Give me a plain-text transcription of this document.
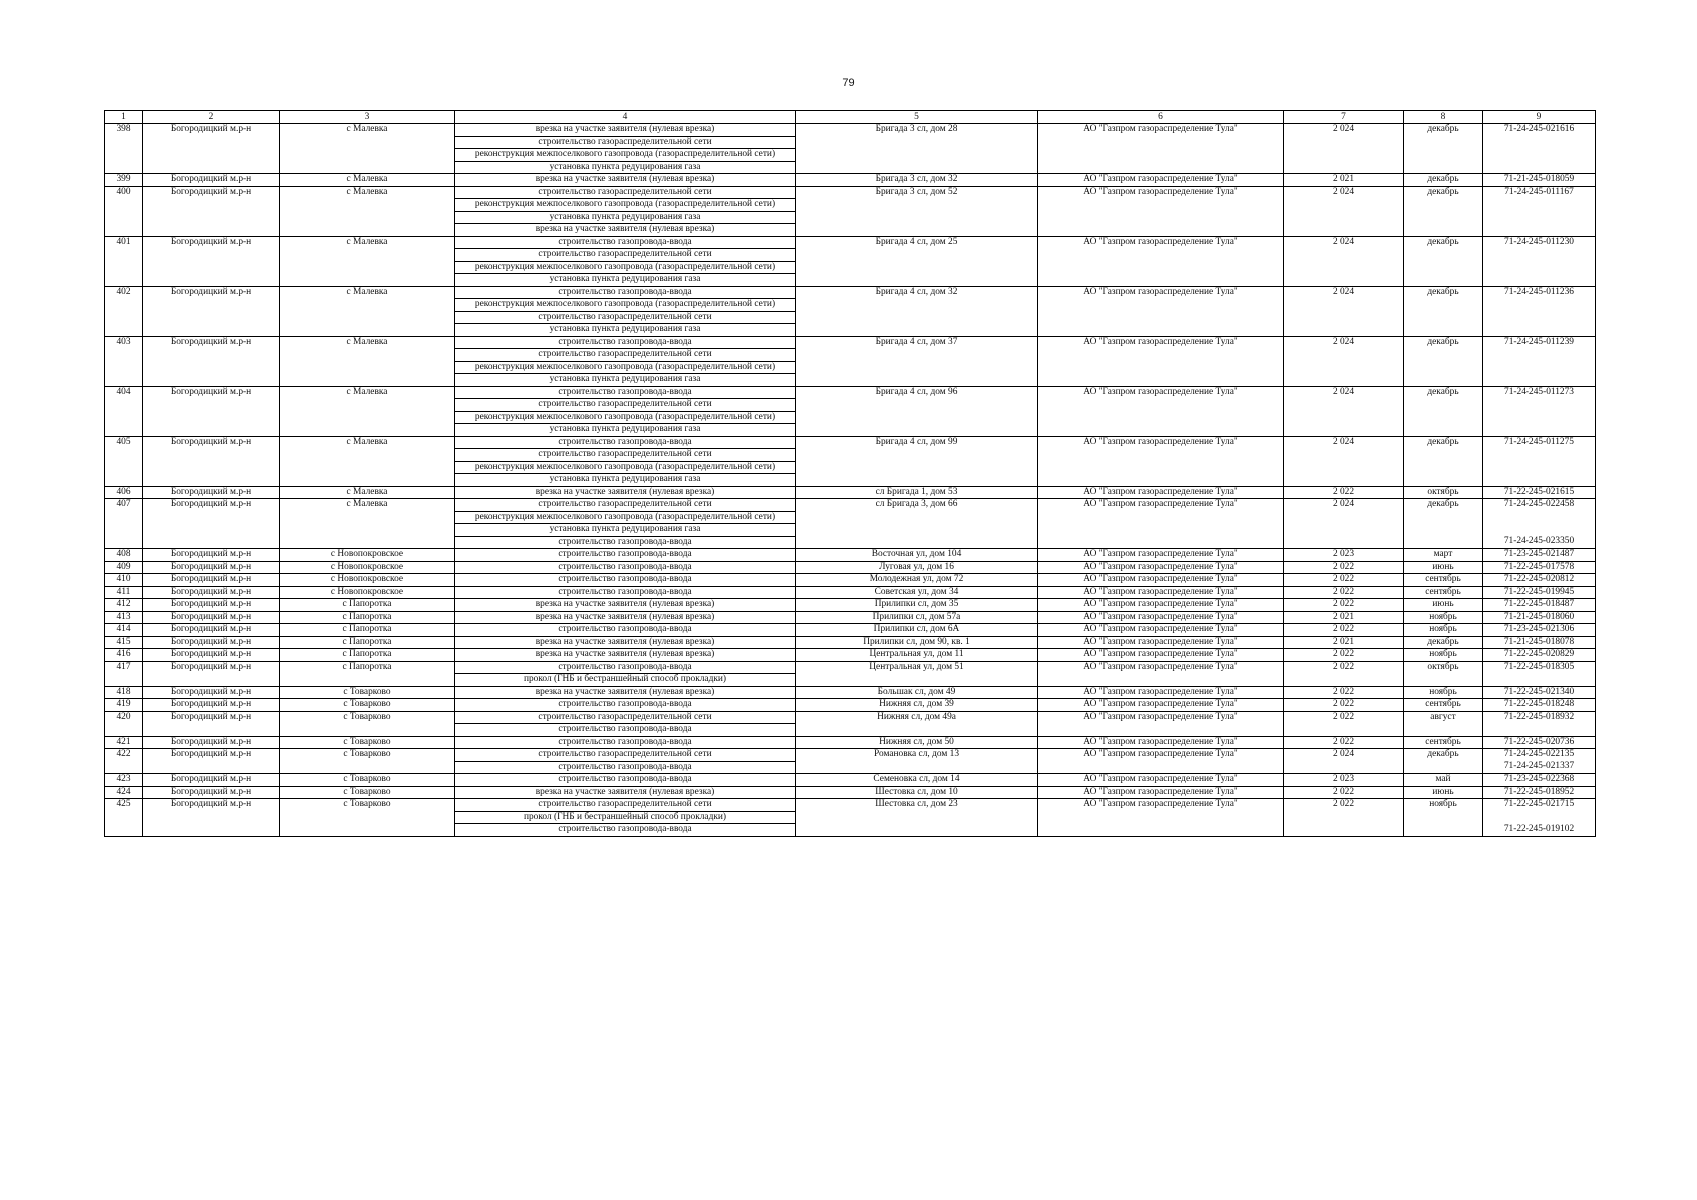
79
1	2	3	4	5	6	7	8	9
398	Богородицкий м.р-н	с Малевка	врезка на участке заявителя (нулевая врезка)	Бригада 3 сл, дом 28	АО "Газпром газораспределение Тула"	2 024	декабрь	71-24-245-021616
			строительство газораспределительной сети					
			реконструкция межпоселкового газопровода (газораспределительной сети)					
			установка пункта редуцирования газа					
399	Богородицкий м.р-н	с Малевка	врезка на участке заявителя (нулевая врезка)	Бригада 3 сл, дом 32	АО "Газпром газораспределение Тула"	2 021	декабрь	71-21-245-018059
400	Богородицкий м.р-н	с Малевка	строительство газораспределительной сети	Бригада 3 сл, дом 52	АО "Газпром газораспределение Тула"	2 024	декабрь	71-24-245-011167
			реконструкция межпоселкового газопровода (газораспределительной сети)					
			установка пункта редуцирования газа					
			врезка на участке заявителя (нулевая врезка)					
401	Богородицкий м.р-н	с Малевка	строительство газопровода-ввода	Бригада 4 сл, дом 25	АО "Газпром газораспределение Тула"	2 024	декабрь	71-24-245-011230
			строительство газораспределительной сети					
			реконструкция межпоселкового газопровода (газораспределительной сети)					
			установка пункта редуцирования газа					
402	Богородицкий м.р-н	с Малевка	строительство газопровода-ввода	Бригада 4 сл, дом 32	АО "Газпром газораспределение Тула"	2 024	декабрь	71-24-245-011236
			реконструкция межпоселкового газопровода (газораспределительной сети)					
			строительство газораспределительной сети					
			установка пункта редуцирования газа					
403	Богородицкий м.р-н	с Малевка	строительство газопровода-ввода	Бригада 4 сл, дом 37	АО "Газпром газораспределение Тула"	2 024	декабрь	71-24-245-011239
			строительство газораспределительной сети					
			реконструкция межпоселкового газопровода (газораспределительной сети)					
			установка пункта редуцирования газа					
404	Богородицкий м.р-н	с Малевка	строительство газопровода-ввода	Бригада 4 сл, дом 96	АО "Газпром газораспределение Тула"	2 024	декабрь	71-24-245-011273
			строительство газораспределительной сети					
			реконструкция межпоселкового газопровода (газораспределительной сети)					
			установка пункта редуцирования газа					
405	Богородицкий м.р-н	с Малевка	строительство газопровода-ввода	Бригада 4 сл, дом 99	АО "Газпром газораспределение Тула"	2 024	декабрь	71-24-245-011275
			строительство газораспределительной сети					
			реконструкция межпоселкового газопровода (газораспределительной сети)					
			установка пункта редуцирования газа					
406	Богородицкий м.р-н	с Малевка	врезка на участке заявителя (нулевая врезка)	сл Бригада 1, дом 53	АО "Газпром газораспределение Тула"	2 022	октябрь	71-22-245-021615
407	Богородицкий м.р-н	с Малевка	строительство газораспределительной сети	сл Бригада 3, дом 66	АО "Газпром газораспределение Тула"	2 024	декабрь	71-24-245-022458
			реконструкция межпоселкового газопровода (газораспределительной сети)					
			установка пункта редуцирования газа					
			строительство газопровода-ввода					71-24-245-023350
408	Богородицкий м.р-н	с Новопокровское	строительство газопровода-ввода	Восточная ул, дом 104	АО "Газпром газораспределение Тула"	2 023	март	71-23-245-021487
409	Богородицкий м.р-н	с Новопокровское	строительство газопровода-ввода	Луговая ул, дом 16	АО "Газпром газораспределение Тула"	2 022	июнь	71-22-245-017578
410	Богородицкий м.р-н	с Новопокровское	строительство газопровода-ввода	Молодежная ул, дом 72	АО "Газпром газораспределение Тула"	2 022	сентябрь	71-22-245-020812
411	Богородицкий м.р-н	с Новопокровское	строительство газопровода-ввода	Советская ул, дом 34	АО "Газпром газораспределение Тула"	2 022	сентябрь	71-22-245-019945
412	Богородицкий м.р-н	с Папоротка	врезка на участке заявителя (нулевая врезка)	Прилипки сл, дом 35	АО "Газпром газораспределение Тула"	2 022	июнь	71-22-245-018487
413	Богородицкий м.р-н	с Папоротка	врезка на участке заявителя (нулевая врезка)	Прилипки сл, дом 57а	АО "Газпром газораспределение Тула"	2 021	ноябрь	71-21-245-018060
414	Богородицкий м.р-н	с Папоротка	строительство газопровода-ввода	Прилипки сл, дом 6А	АО "Газпром газораспределение Тула"	2 022	ноябрь	71-23-245-021306
415	Богородицкий м.р-н	с Папоротка	врезка на участке заявителя (нулевая врезка)	Прилипки сл, дом 90, кв. 1	АО "Газпром газораспределение Тула"	2 021	декабрь	71-21-245-018078
416	Богородицкий м.р-н	с Папоротка	врезка на участке заявителя (нулевая врезка)	Центральная ул, дом 11	АО "Газпром газораспределение Тула"	2 022	ноябрь	71-22-245-020829
417	Богородицкий м.р-н	с Папоротка	строительство газопровода-ввода	Центральная ул, дом 51	АО "Газпром газораспределение Тула"	2 022	октябрь	71-22-245-018305
			прокол (ГНБ и бестраншейный способ прокладки)					
418	Богородицкий м.р-н	с Товарково	врезка на участке заявителя (нулевая врезка)	Большак сл, дом 49	АО "Газпром газораспределение Тула"	2 022	ноябрь	71-22-245-021340
419	Богородицкий м.р-н	с Товарково	строительство газопровода-ввода	Нижняя сл, дом 39	АО "Газпром газораспределение Тула"	2 022	сентябрь	71-22-245-018248
420	Богородицкий м.р-н	с Товарково	строительство газораспределительной сети	Нижняя сл, дом 49а	АО "Газпром газораспределение Тула"	2 022	август	71-22-245-018932
			строительство газопровода-ввода					
421	Богородицкий м.р-н	с Товарково	строительство газопровода-ввода	Нижняя сл, дом 50	АО "Газпром газораспределение Тула"	2 022	сентябрь	71-22-245-020736
422	Богородицкий м.р-н	с Товарково	строительство газораспределительной сети	Романовка сл, дом 13	АО "Газпром газораспределение Тула"	2 024	декабрь	71-24-245-022135
			строительство газопровода-ввода					71-24-245-021337
423	Богородицкий м.р-н	с Товарково	строительство газопровода-ввода	Семеновка сл, дом 14	АО "Газпром газораспределение Тула"	2 023	май	71-23-245-022368
424	Богородицкий м.р-н	с Товарково	врезка на участке заявителя (нулевая врезка)	Шестовка сл, дом 10	АО "Газпром газораспределение Тула"	2 022	июнь	71-22-245-018952
425	Богородицкий м.р-н	с Товарково	строительство газораспределительной сети	Шестовка сл, дом 23	АО "Газпром газораспределение Тула"	2 022	ноябрь	71-22-245-021715
			прокол (ГНБ и бестраншейный способ прокладки)					
			строительство газопровода-ввода					71-22-245-019102
